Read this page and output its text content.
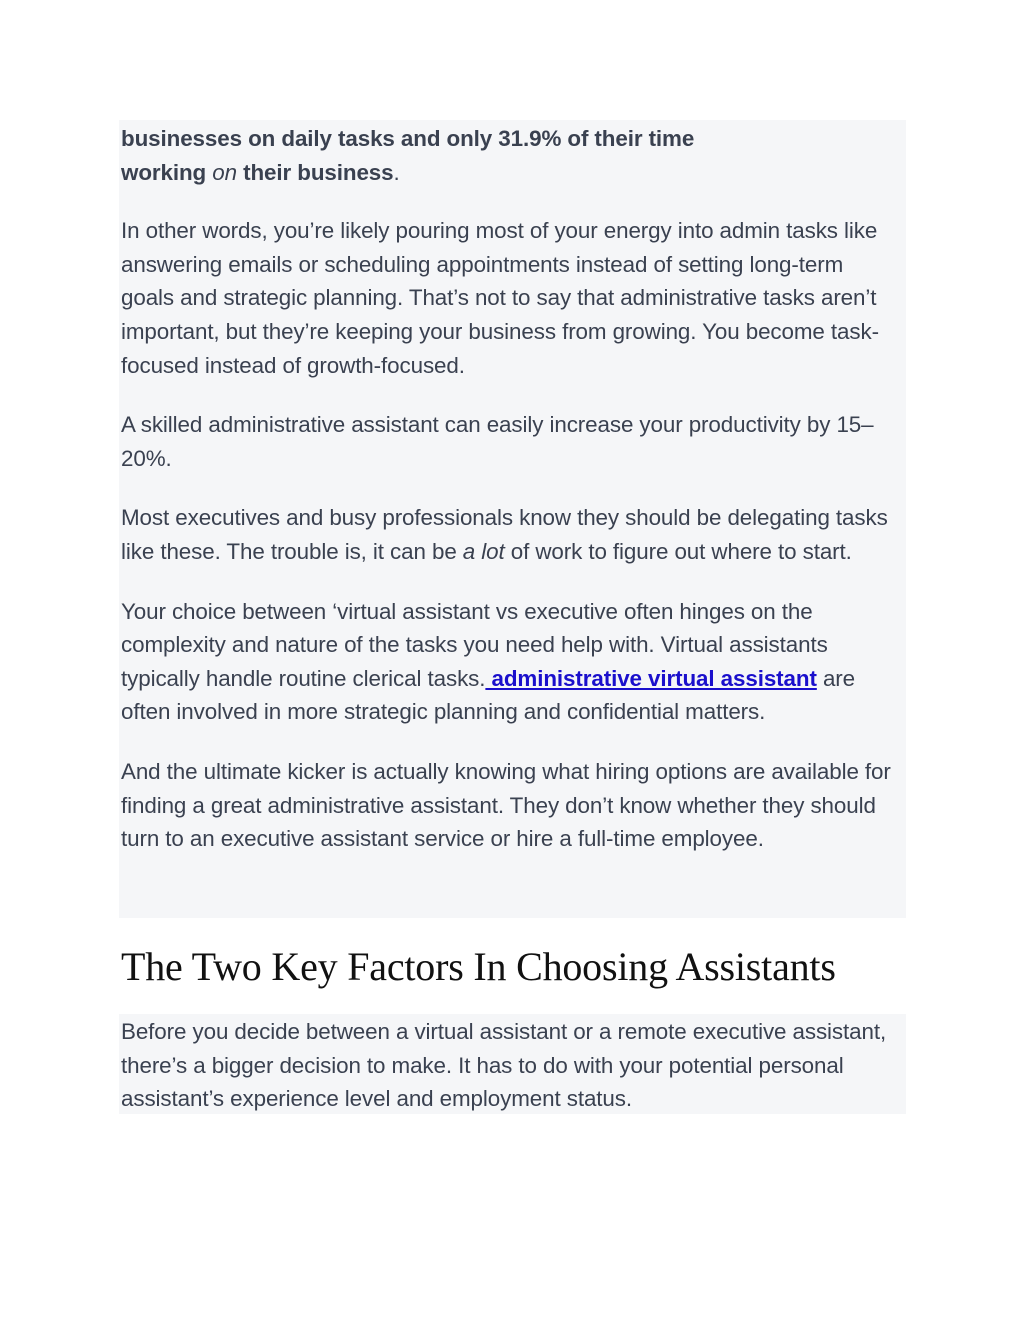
businesses on daily tasks and only 31.9% of their time
working on their business.

In other words, you’re likely pouring most of your energy into admin tasks like answering emails or scheduling appointments instead of setting long-term goals and strategic planning. That’s not to say that administrative tasks aren’t important, but they’re keeping your business from growing. You become task-focused instead of growth-focused.

A skilled administrative assistant can easily increase your productivity by 15–20%.

Most executives and busy professionals know they should be delegating tasks like these. The trouble is, it can be a lot of work to figure out where to start.

Your choice between ‘virtual assistant vs executive often hinges on the complexity and nature of the tasks you need help with. Virtual assistants typically handle routine clerical tasks. administrative virtual assistant are often involved in more strategic planning and confidential matters.

And the ultimate kicker is actually knowing what hiring options are available for finding a great administrative assistant. They don’t know whether they should turn to an executive assistant service or hire a full-time employee.

The Two Key Factors In Choosing Assistants

Before you decide between a virtual assistant or a remote executive assistant, there’s a bigger decision to make. It has to do with your potential personal assistant’s experience level and employment status.
